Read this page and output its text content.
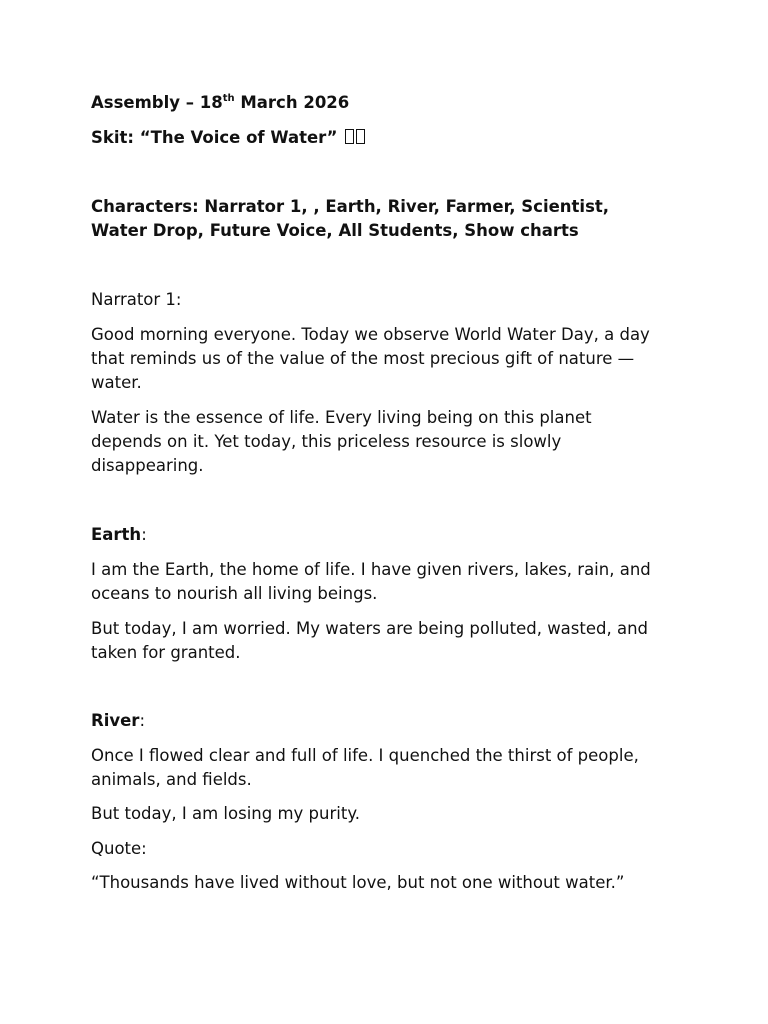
Assembly – 18th March 2026
Skit: “The Voice of Water”
Characters: Narrator 1, , Earth, River, Farmer, Scientist,
Water Drop, Future Voice, All Students, Show charts
Narrator 1:
Good morning everyone. Today we observe World Water Day, a day that reminds us of the value of the most precious gift of nature — water.
Water is the essence of life. Every living being on this planet depends on it. Yet today, this priceless resource is slowly disappearing.
Earth:
I am the Earth, the home of life. I have given rivers, lakes, rain, and oceans to nourish all living beings.
But today, I am worried. My waters are being polluted, wasted, and taken for granted.
River:
Once I flowed clear and full of life. I quenched the thirst of people, animals, and fields.
But today, I am losing my purity.
Quote:
“Thousands have lived without love, but not one without water.”
